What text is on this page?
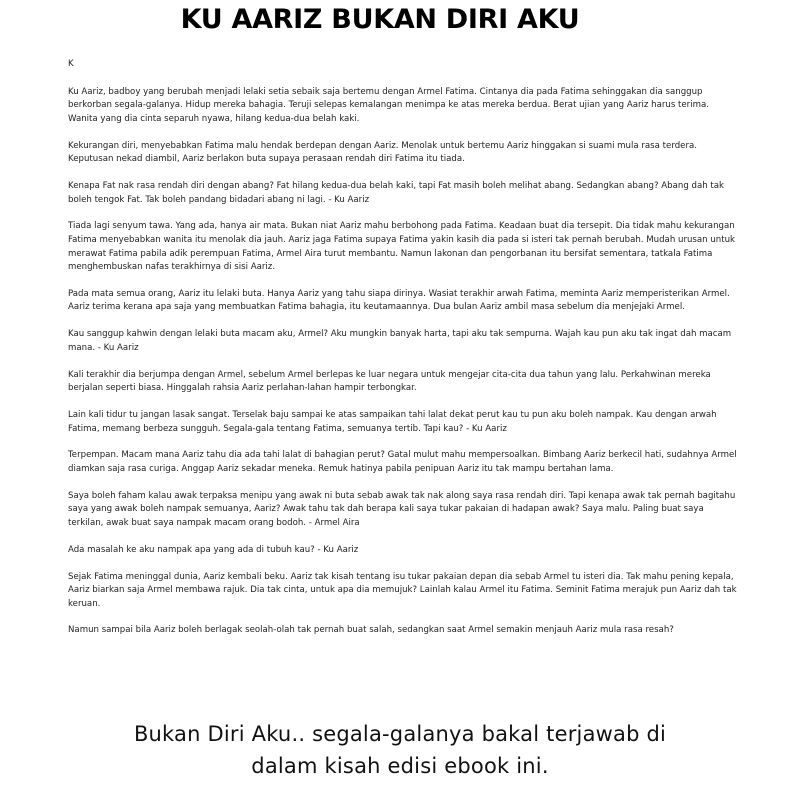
KU AARIZ BUKAN DIRI AKU
K

Ku Aariz, badboy yang berubah menjadi lelaki setia sebaik saja bertemu dengan Armel Fatima. Cintanya dia pada Fatima sehinggakan dia sanggup berkorban segala-galanya. Hidup mereka bahagia. Teruji selepas kemalangan menimpa ke atas mereka berdua. Berat ujian yang Aariz harus terima. Wanita yang dia cinta separuh nyawa, hilang kedua-dua belah kaki.

Kekurangan diri, menyebabkan Fatima malu hendak berdepan dengan Aariz. Menolak untuk bertemu Aariz hinggakan si suami mula rasa terdera. Keputusan nekad diambil, Aariz berlakon buta supaya perasaan rendah diri Fatima itu tiada.

Kenapa Fat nak rasa rendah diri dengan abang? Fat hilang kedua-dua belah kaki, tapi Fat masih boleh melihat abang. Sedangkan abang? Abang dah tak boleh tengok Fat. Tak boleh pandang bidadari abang ni lagi. - Ku Aariz

Tiada lagi senyum tawa. Yang ada, hanya air mata. Bukan niat Aariz mahu berbohong pada Fatima. Keadaan buat dia tersepit. Dia tidak mahu kekurangan Fatima menyebabkan wanita itu menolak dia jauh. Aariz jaga Fatima supaya Fatima yakin kasih dia pada si isteri tak pernah berubah. Mudah urusan untuk merawat Fatima pabila adik perempuan Fatima, Armel Aira turut membantu. Namun lakonan dan pengorbanan itu bersifat sementara, tatkala Fatima menghembuskan nafas terakhirnya di sisi Aariz.

Pada mata semua orang, Aariz itu lelaki buta. Hanya Aariz yang tahu siapa dirinya. Wasiat terakhir arwah Fatima, meminta Aariz memperisterikan Armel. Aariz terima kerana apa saja yang membuatkan Fatima bahagia, itu keutamaannya. Dua bulan Aariz ambil masa sebelum dia menjejaki Armel.

Kau sanggup kahwin dengan lelaki buta macam aku, Armel? Aku mungkin banyak harta, tapi aku tak sempurna. Wajah kau pun aku tak ingat dah macam mana. - Ku Aariz

Kali terakhir dia berjumpa dengan Armel, sebelum Armel berlepas ke luar negara untuk mengejar cita-cita dua tahun yang lalu. Perkahwinan mereka berjalan seperti biasa. Hinggalah rahsia Aariz perlahan-lahan hampir terbongkar.

Lain kali tidur tu jangan lasak sangat. Terselak baju sampai ke atas sampaikan tahi lalat dekat perut kau tu pun aku boleh nampak. Kau dengan arwah Fatima, memang berbeza sungguh. Segala-gala tentang Fatima, semuanya tertib. Tapi kau? - Ku Aariz

Terpempan. Macam mana Aariz tahu dia ada tahi lalat di bahagian perut? Gatal mulut mahu mempersoalkan. Bimbang Aariz berkecil hati, sudahnya Armel diamkan saja rasa curiga. Anggap Aariz sekadar meneka. Remuk hatinya pabila penipuan Aariz itu tak mampu bertahan lama.

Saya boleh faham kalau awak terpaksa menipu yang awak ni buta sebab awak tak nak along saya rasa rendah diri. Tapi kenapa awak tak pernah bagitahu saya yang awak boleh nampak semuanya, Aariz? Awak tahu tak dah berapa kali saya tukar pakaian di hadapan awak? Saya malu. Paling buat saya terkilan, awak buat saya nampak macam orang bodoh. - Armel Aira

Ada masalah ke aku nampak apa yang ada di tubuh kau? - Ku Aariz

Sejak Fatima meninggal dunia, Aariz kembali beku. Aariz tak kisah tentang isu tukar pakaian depan dia sebab Armel tu isteri dia. Tak mahu pening kepala, Aariz biarkan saja Armel membawa rajuk. Dia tak cinta, untuk apa dia memujuk? Lainlah kalau Armel itu Fatima. Seminit Fatima merajuk pun Aariz dah tak keruan.

Namun sampai bila Aariz boleh berlagak seolah-olah tak pernah buat salah, sedangkan saat Armel semakin menjauh Aariz mula rasa resah?

Bukan Diri Aku.. segala-galanya bakal terjawab di
dalam kisah edisi ebook ini.
